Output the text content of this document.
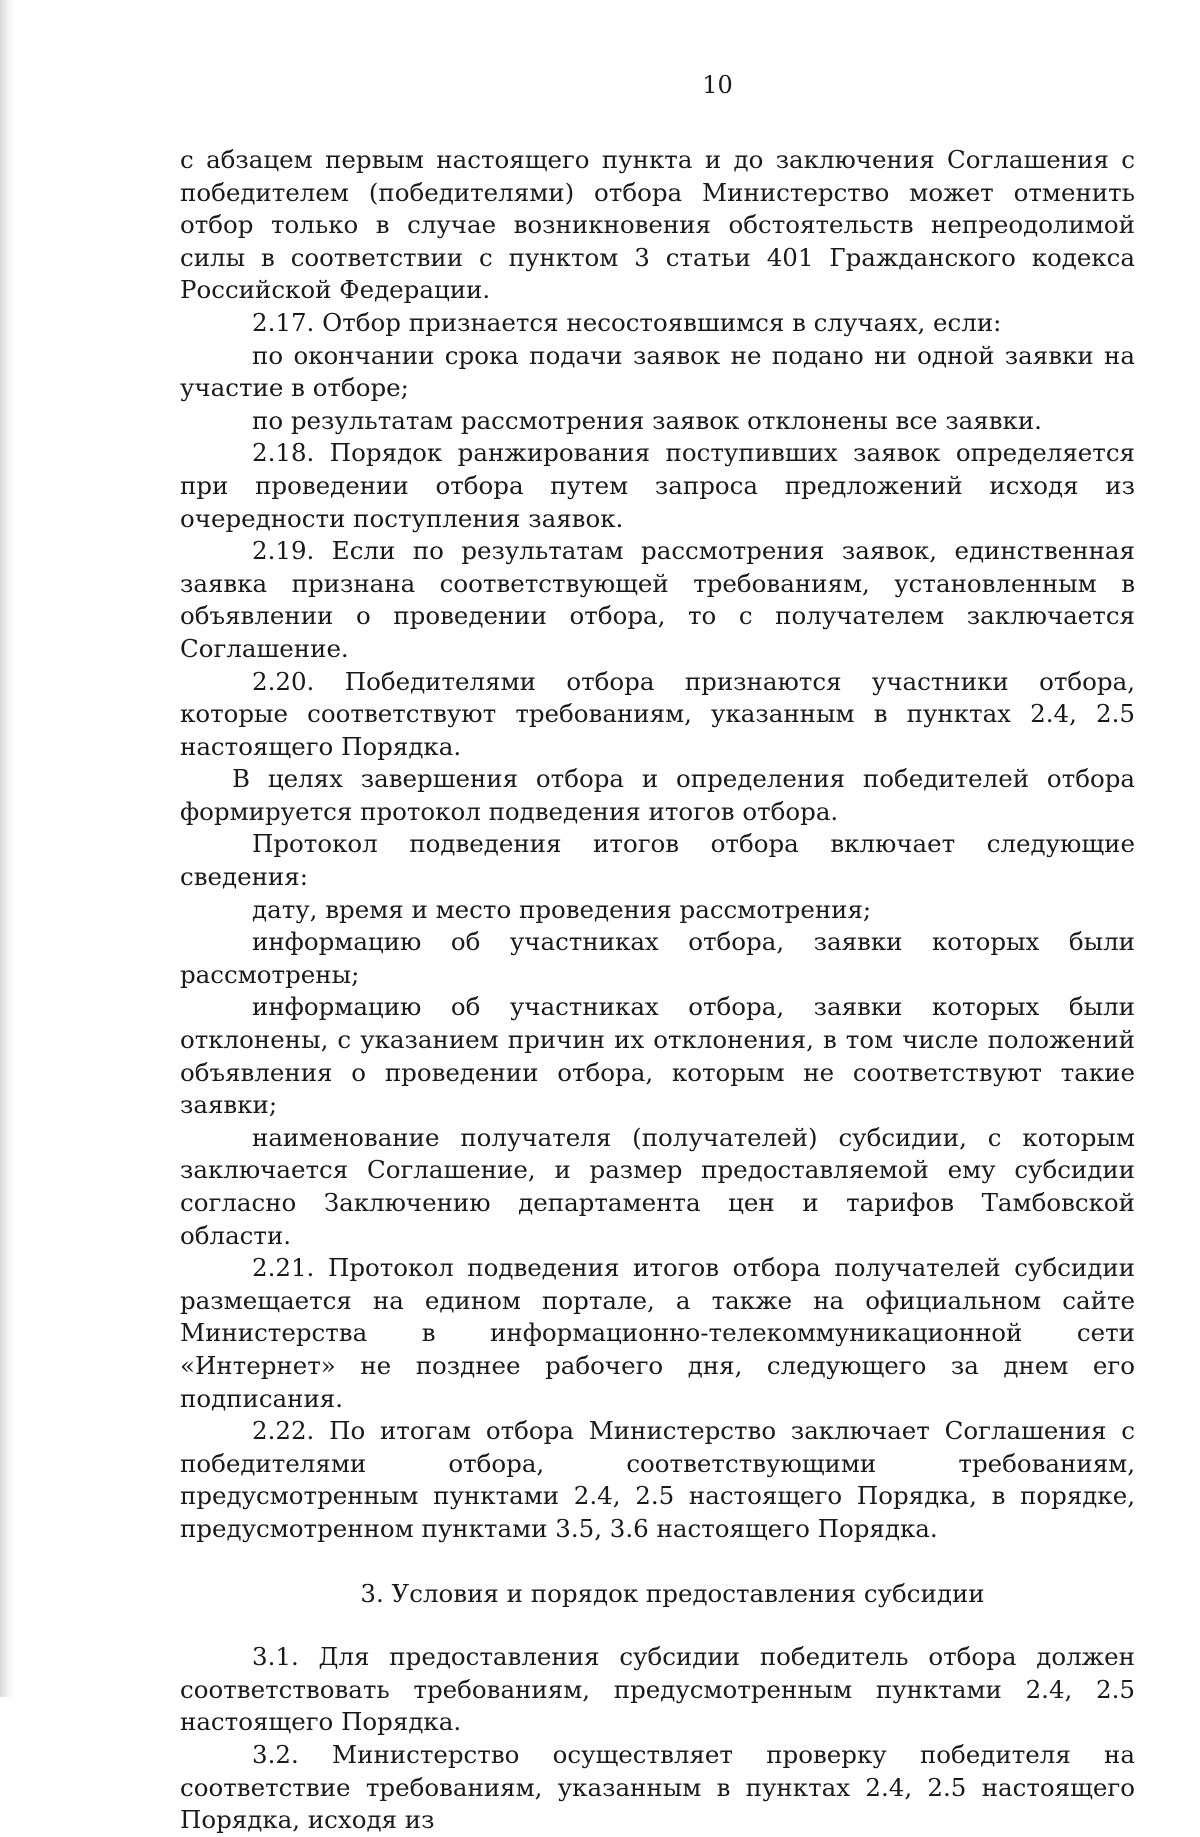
10

с абзацем первым настоящего пункта и до заключения Соглашения с победителем (победителями) отбора Министерство может отменить отбор только в случае возникновения обстоятельств непреодолимой силы в соответствии с пунктом 3 статьи 401 Гражданского кодекса Российской Федерации.

2.17. Отбор признается несостоявшимся в случаях, если:

по окончании срока подачи заявок не подано ни одной заявки на участие в отборе;

по результатам рассмотрения заявок отклонены все заявки.

2.18. Порядок ранжирования поступивших заявок определяется при проведении отбора путем запроса предложений исходя из очередности поступления заявок.

2.19. Если по результатам рассмотрения заявок, единственная заявка признана соответствующей требованиям, установленным в объявлении о проведении отбора, то с получателем заключается Соглашение.

2.20. Победителями отбора признаются участники отбора, которые соответствуют требованиям, указанным в пунктах 2.4, 2.5 настоящего Порядка.

В целях завершения отбора и определения победителей отбора формируется протокол подведения итогов отбора.

Протокол подведения итогов отбора включает следующие сведения:

дату, время и место проведения рассмотрения;

информацию об участниках отбора, заявки которых были рассмотрены;

информацию об участниках отбора, заявки которых были отклонены, с указанием причин их отклонения, в том числе положений объявления о проведении отбора, которым не соответствуют такие заявки;

наименование получателя (получателей) субсидии, с которым заключается Соглашение, и размер предоставляемой ему субсидии согласно Заключению департамента цен и тарифов Тамбовской области.

2.21. Протокол подведения итогов отбора получателей субсидии размещается на едином портале, а также на официальном сайте Министерства в информационно-телекоммуникационной сети «Интернет» не позднее рабочего дня, следующего за днем его подписания.

2.22. По итогам отбора Министерство заключает Соглашения с победителями отбора, соответствующими требованиям, предусмотренным пунктами 2.4, 2.5 настоящего Порядка, в порядке, предусмотренном пунктами 3.5, 3.6 настоящего Порядка.

3. Условия и порядок предоставления субсидии

3.1. Для предоставления субсидии победитель отбора должен соответствовать требованиям, предусмотренным пунктами 2.4, 2.5 настоящего Порядка.

3.2. Министерство осуществляет проверку победителя на соответствие требованиям, указанным в пунктах 2.4, 2.5 настоящего Порядка, исходя из
